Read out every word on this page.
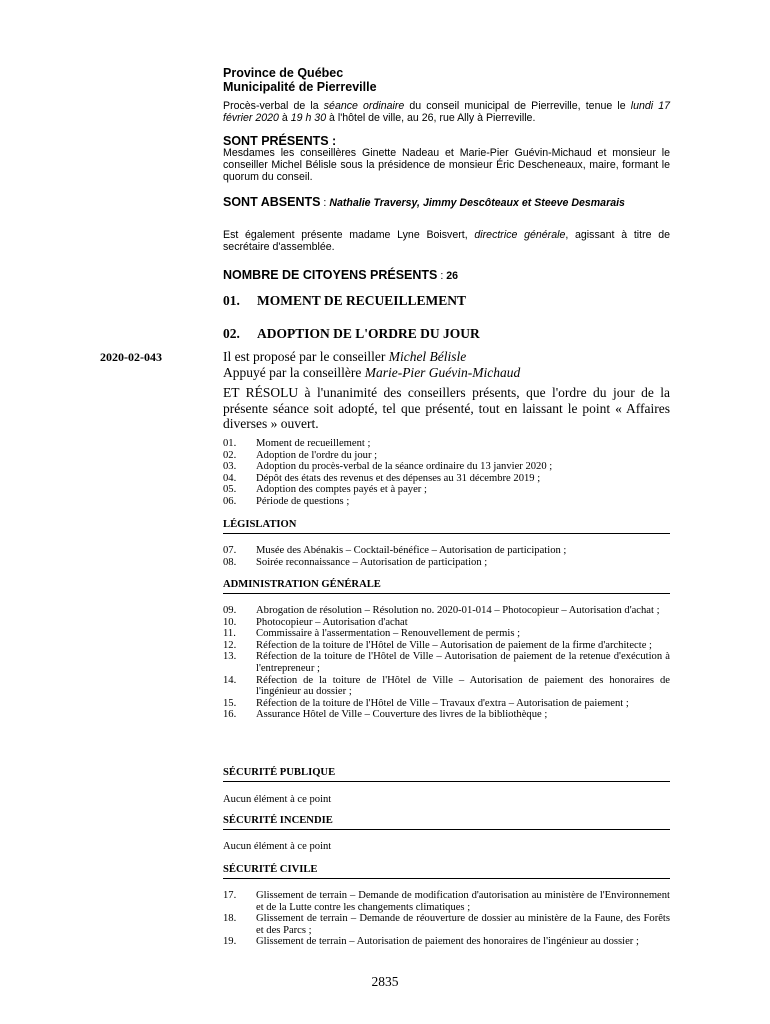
Province de Québec
Municipalité de Pierreville
Procès-verbal de la séance ordinaire du conseil municipal de Pierreville, tenue le lundi 17 février 2020 à 19 h 30 à l'hôtel de ville, au 26, rue Ally à Pierreville.
SONT PRÉSENTS :
Mesdames les conseillères Ginette Nadeau et Marie-Pier Guévin-Michaud et monsieur le conseiller Michel Bélisle sous la présidence de monsieur Éric Descheneaux, maire, formant le quorum du conseil.
SONT ABSENTS : Nathalie Traversy, Jimmy Descôteaux et Steeve Desmarais
Est également présente madame Lyne Boisvert, directrice générale, agissant à titre de secrétaire d'assemblée.
NOMBRE DE CITOYENS PRÉSENTS : 26
01. MOMENT DE RECUEILLEMENT
02. ADOPTION DE L'ORDRE DU JOUR
2020-02-043	Il est proposé par le conseiller Michel Bélisle
Appuyé par la conseillère Marie-Pier Guévin-Michaud
ET RÉSOLU à l'unanimité des conseillers présents, que l'ordre du jour de la présente séance soit adopté, tel que présenté, tout en laissant le point « Affaires diverses » ouvert.
01.	Moment de recueillement ;
02.	Adoption de l'ordre du jour ;
03.	Adoption du procès-verbal de la séance ordinaire du 13 janvier 2020 ;
04.	Dépôt des états des revenus et des dépenses au 31 décembre 2019 ;
05.	Adoption des comptes payés et à payer ;
06.	Période de questions ;
LÉGISLATION
07.	Musée des Abénakis – Cocktail-bénéfice – Autorisation de participation ;
08.	Soirée reconnaissance – Autorisation de participation ;
ADMINISTRATION GÉNÉRALE
09.	Abrogation de résolution – Résolution no. 2020-01-014 – Photocopieur – Autorisation d'achat ;
10.	Photocopieur – Autorisation d'achat
11.	Commissaire à l'assermentation – Renouvellement de permis ;
12.	Réfection de la toiture de l'Hôtel de Ville – Autorisation de paiement de la firme d'architecte ;
13.	Réfection de la toiture de l'Hôtel de Ville – Autorisation de paiement de la retenue d'exécution à l'entrepreneur ;
14.	Réfection de la toiture de l'Hôtel de Ville – Autorisation de paiement des honoraires de l'ingénieur au dossier ;
15.	Réfection de la toiture de l'Hôtel de Ville – Travaux d'extra – Autorisation de paiement ;
16.	Assurance Hôtel de Ville – Couverture des livres de la bibliothèque ;
SÉCURITÉ PUBLIQUE
Aucun élément à ce point
SÉCURITÉ INCENDIE
Aucun élément à ce point
SÉCURITÉ CIVILE
17.	Glissement de terrain – Demande de modification d'autorisation au ministère de l'Environnement et de la Lutte contre les changements climatiques ;
18.	Glissement de terrain – Demande de réouverture de dossier au ministère de la Faune, des Forêts et des Parcs ;
19.	Glissement de terrain – Autorisation de paiement des honoraires de l'ingénieur au dossier ;
2835
